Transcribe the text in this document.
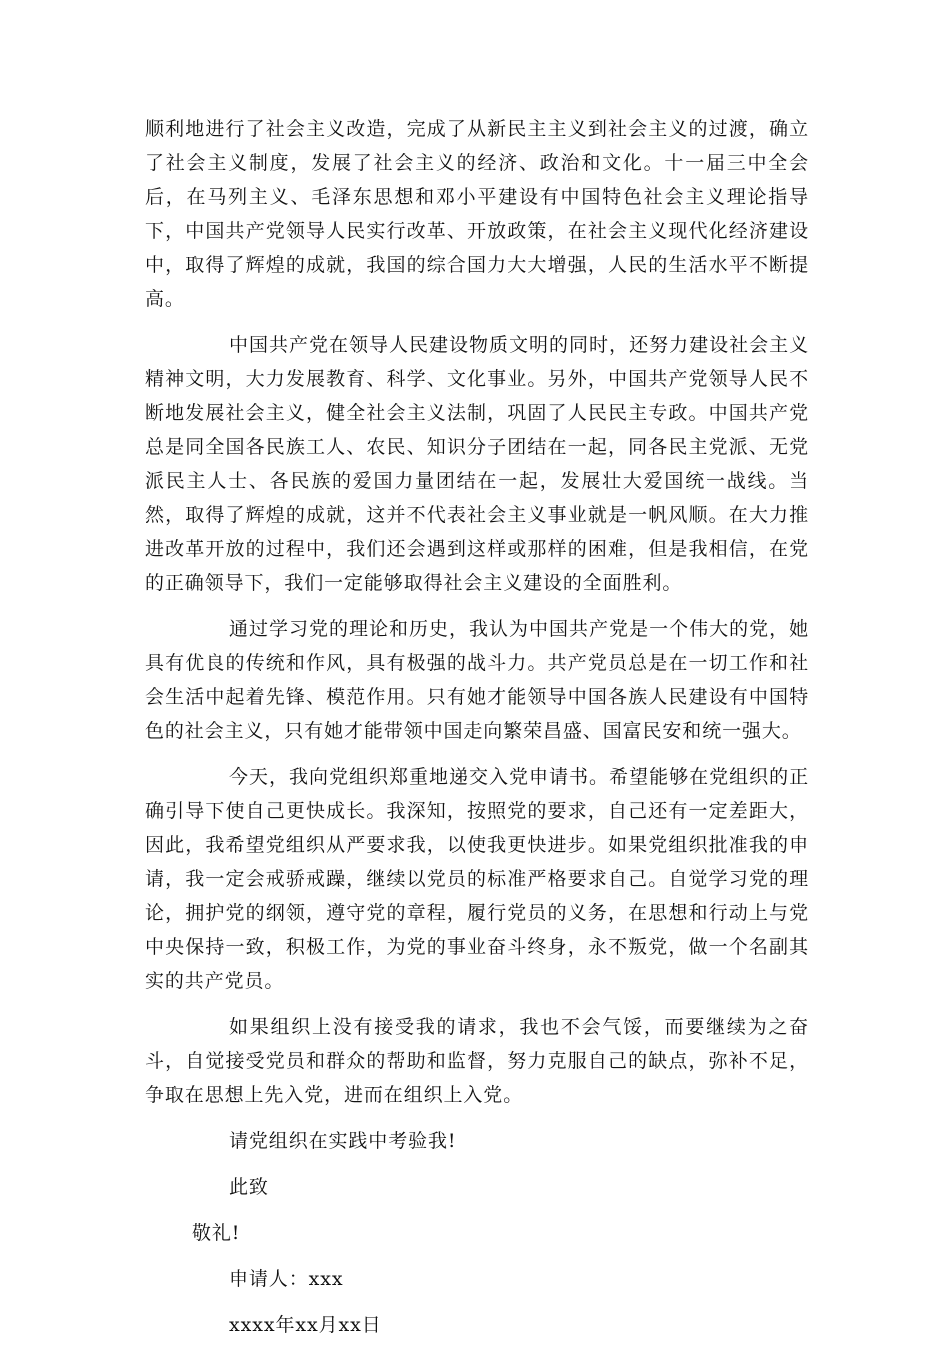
顺利地进行了社会主义改造，完成了从新民主主义到社会主义的过渡，确立了社会主义制度，发展了社会主义的经济、政治和文化。十一届三中全会后，在马列主义、毛泽东思想和邓小平建设有中国特色社会主义理论指导下，中国共产党领导人民实行改革、开放政策，在社会主义现代化经济建设中，取得了辉煌的成就，我国的综合国力大大增强，人民的生活水平不断提高。

中国共产党在领导人民建设物质文明的同时，还努力建设社会主义精神文明，大力发展教育、科学、文化事业。另外，中国共产党领导人民不断地发展社会主义，健全社会主义法制，巩固了人民民主专政。中国共产党总是同全国各民族工人、农民、知识分子团结在一起，同各民主党派、无党派民主人士、各民族的爱国力量团结在一起，发展壮大爱国统一战线。当然，取得了辉煌的成就，这并不代表社会主义事业就是一帆风顺。在大力推进改革开放的过程中，我们还会遇到这样或那样的困难，但是我相信，在党的正确领导下，我们一定能够取得社会主义建设的全面胜利。

通过学习党的理论和历史，我认为中国共产党是一个伟大的党，她具有优良的传统和作风，具有极强的战斗力。共产党员总是在一切工作和社会生活中起着先锋、模范作用。只有她才能领导中国各族人民建设有中国特色的社会主义，只有她才能带领中国走向繁荣昌盛、国富民安和统一强大。

今天，我向党组织郑重地递交入党申请书。希望能够在党组织的正确引导下使自己更快成长。我深知，按照党的要求，自己还有一定差距大，因此，我希望党组织从严要求我，以使我更快进步。如果党组织批准我的申请，我一定会戒骄戒躁，继续以党员的标准严格要求自己。自觉学习党的理论，拥护党的纲领，遵守党的章程，履行党员的义务，在思想和行动上与党中央保持一致，积极工作，为党的事业奋斗终身，永不叛党，做一个名副其实的共产党员。

如果组织上没有接受我的请求，我也不会气馁，而要继续为之奋斗，自觉接受党员和群众的帮助和监督，努力克服自己的缺点，弥补不足，争取在思想上先入党，进而在组织上入党。

请党组织在实践中考验我!
此致
敬礼!
申请人：xxx
xxxx年xx月xx日
